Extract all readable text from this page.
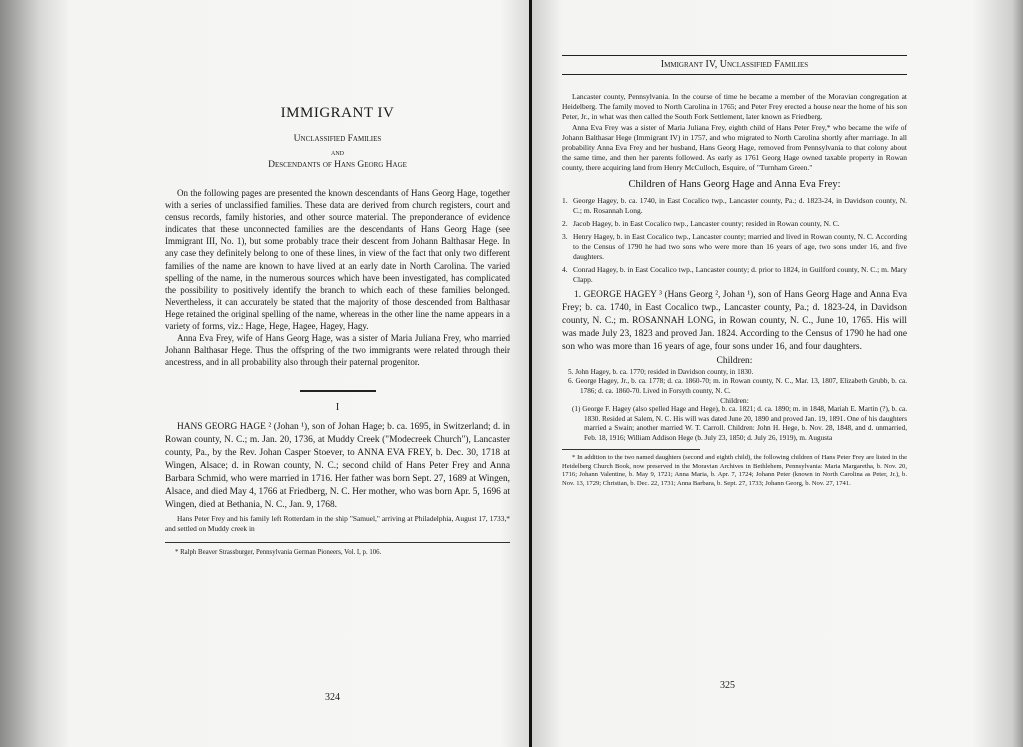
IMMIGRANT IV
Unclassified Families
and
Descendants of Hans Georg Hage

On the following pages are presented the known descendants of Hans Georg Hage, together with a series of unclassified families. These data are derived from church registers, court and census records, family histories, and other source material. The preponderance of evidence indicates that these unconnected families are the descendants of Hans Georg Hage (see Immigrant III, No. 1), but some probably trace their descent from Johann Balthasar Hege. In any case they definitely belong to one of these lines, in view of the fact that only two different families of the name are known to have lived at an early date in North Carolina. The varied spelling of the name, in the numerous sources which have been investigated, has complicated the possibility to positively identify the branch to which each of these families belonged. Nevertheless, it can accurately be stated that the majority of those descended from Balthasar Hege retained the original spelling of the name, whereas in the other line the name appears in a variety of forms, viz.: Hage, Hege, Hagee, Hagey, Hagy.

Anna Eva Frey, wife of Hans Georg Hage, was a sister of Maria Juliana Frey, who married Johann Balthasar Hege. Thus the offspring of the two immigrants were related through their ancestress, and in all probability also through their paternal progenitor.

I

HANS GEORG HAGE ² (Johan ¹), son of Johan Hage; b. ca. 1695, in Switzerland; d. in Rowan county, N. C.; m. Jan. 20, 1736, at Muddy Creek ("Modecreek Church"), Lancaster county, Pa., by the Rev. Johan Casper Stoever, to ANNA EVA FREY, b. Dec. 30, 1718 at Wingen, Alsace; d. in Rowan county, N. C.; second child of Hans Peter Frey and Anna Barbara Schmid, who were married in 1716. Her father was born Sept. 27, 1689 at Wingen, Alsace, and died May 4, 1766 at Friedberg, N. C. Her mother, who was born Apr. 5, 1696 at Wingen, died at Bethania, N. C., Jan. 9, 1768.

Hans Peter Frey and his family left Rotterdam in the ship "Samuel," arriving at Philadelphia, August 17, 1733,* and settled on Muddy creek in

* Ralph Beaver Strassburger, Pennsylvania German Pioneers, Vol. I, p. 106.
324
Immigrant IV, Unclassified Families

Lancaster county, Pennsylvania. In the course of time he became a member of the Moravian congregation at Heidelberg. The family moved to North Carolina in 1765; and Peter Frey erected a house near the home of his son Peter, Jr., in what was then called the South Fork Settlement, later known as Friedberg.

Anna Eva Frey was a sister of Maria Juliana Frey, eighth child of Hans Peter Frey,* who became the wife of Johann Balthasar Hege (Immigrant IV) in 1757, and who migrated to North Carolina shortly after marriage. In all probability Anna Eva Frey and her husband, Hans Georg Hage, removed from Pennsylvania to that colony about the same time, and then her parents followed. As early as 1761 Georg Hage owned taxable property in Rowan county, there acquiring land from Henry McCulloch, Esquire, of "Turnham Green."

Children of Hans Georg Hage and Anna Eva Frey:
1. George Hagey, b. ca. 1740, in East Cocalico twp., Lancaster county, Pa.; d. 1823-24, in Davidson county, N. C.; m. Rosannah Long.
2. Jacob Hagey, b. in East Cocalico twp., Lancaster county; resided in Rowan county, N. C.
3. Henry Hagey, b. in East Cocalico twp., Lancaster county; married and lived in Rowan county, N. C. According to the Census of 1790 he had two sons who were more than 16 years of age, two sons under 16, and five daughters.
4. Conrad Hagey, b. in East Cocalico twp., Lancaster county; d. prior to 1824, in Guilford county, N. C.; m. Mary Clapp.

1. GEORGE HAGEY ³ (Hans Georg ², Johan ¹), son of Hans Georg Hage and Anna Eva Frey; b. ca. 1740, in East Cocalico twp., Lancaster county, Pa.; d. 1823-24, in Davidson county, N. C.; m. ROSANNAH LONG, in Rowan county, N. C., June 10, 1765. His will was made July 23, 1823 and proved Jan. 1824. According to the Census of 1790 he had one son who was more than 16 years of age, four sons under 16, and four daughters.

Children:

5. John Hagey, b. ca. 1770; resided in Davidson county, in 1830.

6. George Hagey, Jr., b. ca. 1778; d. ca. 1860-70; m. in Rowan county, N. C., Mar. 13, 1807, Elizabeth Grubb, b. ca. 1786; d. ca. 1860-70. Lived in Forsyth county, N. C.

Children:

(1) George F. Hagey (also spelled Hage and Hege), b. ca. 1821; d. ca. 1890; m. in 1848, Mariah E. Martin (?), b. ca. 1830. Resided at Salem, N. C. His will was dated June 20, 1890 and proved Jan. 19, 1891. One of his daughters married a Swain; another married W. T. Carroll. Children: John H. Hege, b. Nov. 28, 1848, and d. unmarried, Feb. 18, 1916; William Addison Hege (b. July 23, 1850; d. July 26, 1919), m. Augusta

* In addition to the two named daughters (second and eighth child), the following children of Hans Peter Frey are listed in the Heidelberg Church Book, now preserved in the Moravian Archives in Bethlehem, Pennsylvania: Maria Margaretha, b. Nov. 20, 1716; Johann Valentine, b. May 9, 1721; Anna Maria, b. Apr. 7, 1724; Johann Peter (known in North Carolina as Peter, Jr.), b. Nov. 13, 1729; Christian, b. Dec. 22, 1731; Anna Barbara, b. Sept. 27, 1733; Johann Georg, b. Nov. 27, 1741.

325
